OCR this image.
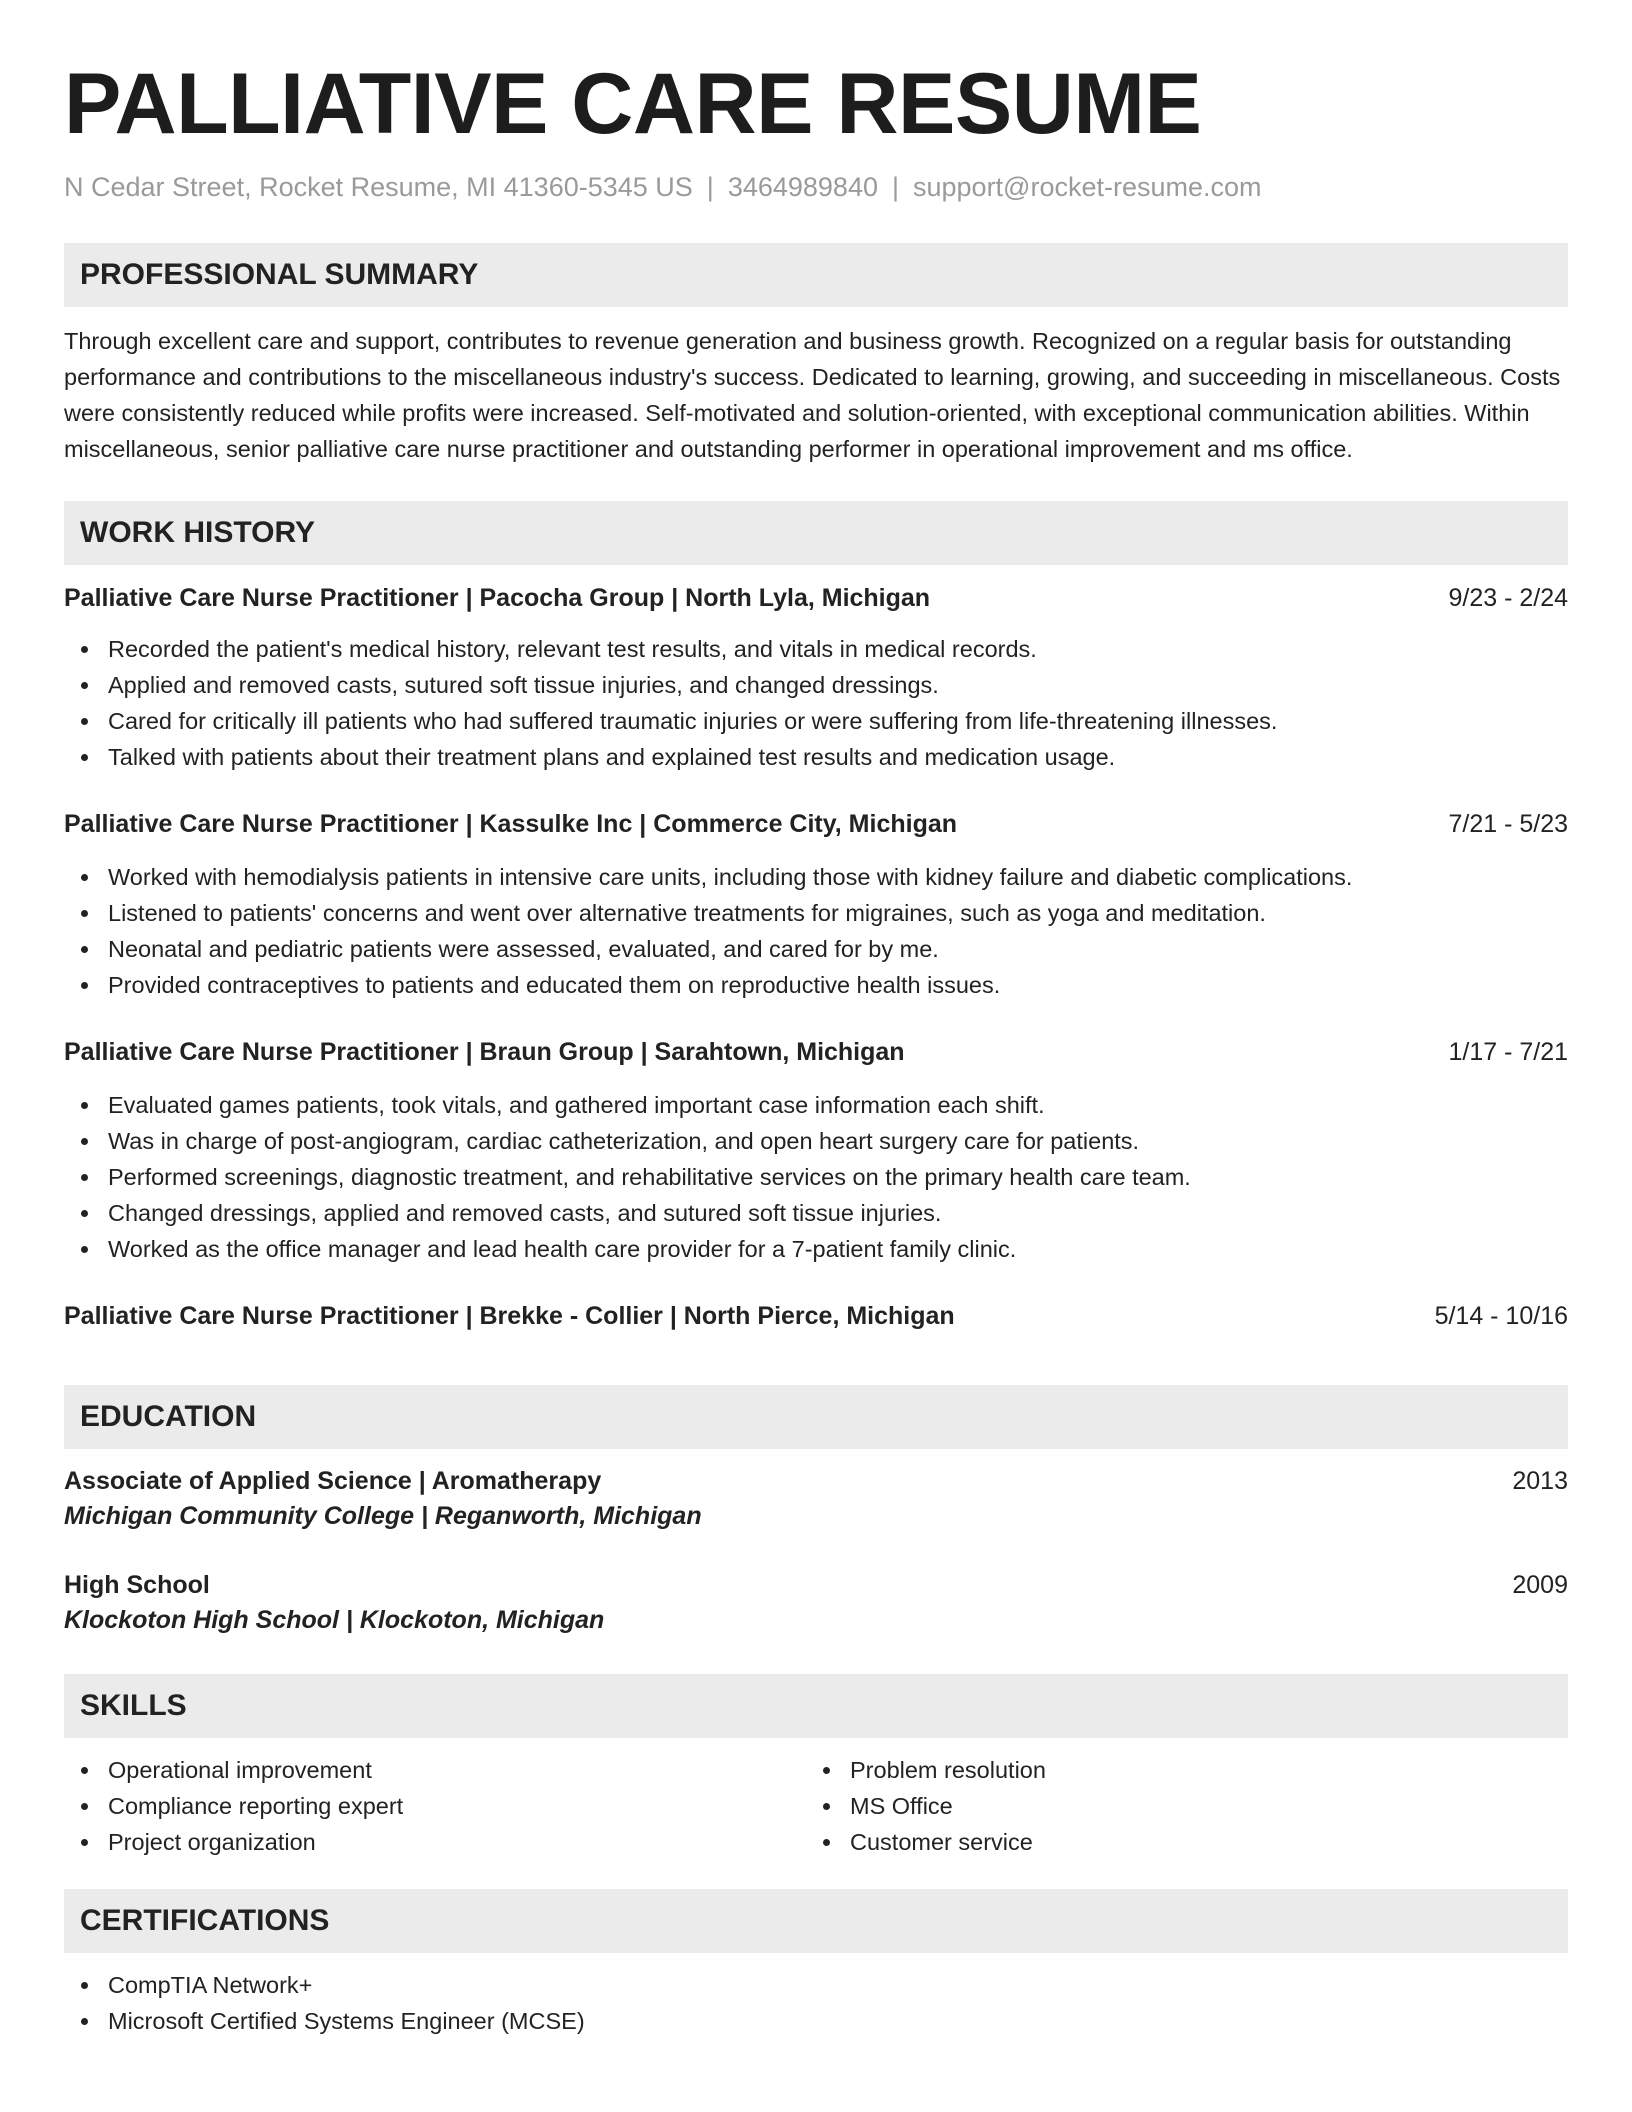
PALLIATIVE CARE RESUME
N Cedar Street, Rocket Resume, MI 41360-5345 US | 3464989840 | support@rocket-resume.com
PROFESSIONAL SUMMARY
Through excellent care and support, contributes to revenue generation and business growth. Recognized on a regular basis for outstanding performance and contributions to the miscellaneous industry's success. Dedicated to learning, growing, and succeeding in miscellaneous. Costs were consistently reduced while profits were increased. Self-motivated and solution-oriented, with exceptional communication abilities. Within miscellaneous, senior palliative care nurse practitioner and outstanding performer in operational improvement and ms office.
WORK HISTORY
Palliative Care Nurse Practitioner | Pacocha Group | North Lyla, Michigan	9/23 - 2/24
Recorded the patient's medical history, relevant test results, and vitals in medical records.
Applied and removed casts, sutured soft tissue injuries, and changed dressings.
Cared for critically ill patients who had suffered traumatic injuries or were suffering from life-threatening illnesses.
Talked with patients about their treatment plans and explained test results and medication usage.
Palliative Care Nurse Practitioner | Kassulke Inc | Commerce City, Michigan	7/21 - 5/23
Worked with hemodialysis patients in intensive care units, including those with kidney failure and diabetic complications.
Listened to patients' concerns and went over alternative treatments for migraines, such as yoga and meditation.
Neonatal and pediatric patients were assessed, evaluated, and cared for by me.
Provided contraceptives to patients and educated them on reproductive health issues.
Palliative Care Nurse Practitioner | Braun Group | Sarahtown, Michigan	1/17 - 7/21
Evaluated games patients, took vitals, and gathered important case information each shift.
Was in charge of post-angiogram, cardiac catheterization, and open heart surgery care for patients.
Performed screenings, diagnostic treatment, and rehabilitative services on the primary health care team.
Changed dressings, applied and removed casts, and sutured soft tissue injuries.
Worked as the office manager and lead health care provider for a 7-patient family clinic.
Palliative Care Nurse Practitioner | Brekke - Collier | North Pierce, Michigan	5/14 - 10/16
EDUCATION
Associate of Applied Science | Aromatherapy	2013
Michigan Community College | Reganworth, Michigan
High School	2009
Klockoton High School | Klockoton, Michigan
SKILLS
Operational improvement
Compliance reporting expert
Project organization
Problem resolution
MS Office
Customer service
CERTIFICATIONS
CompTIA Network+
Microsoft Certified Systems Engineer (MCSE)
